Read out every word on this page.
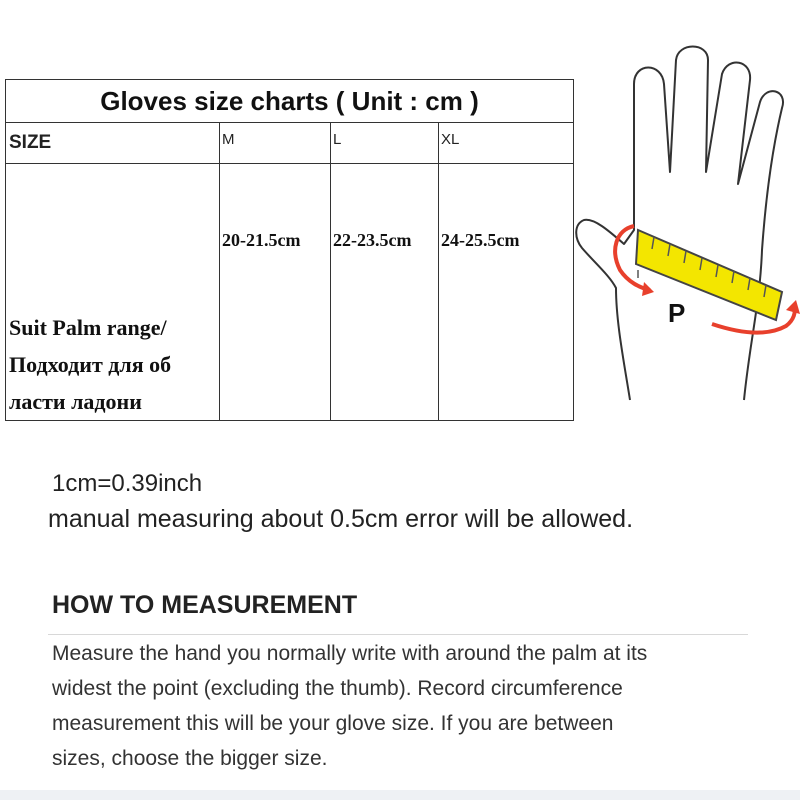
Gloves size charts ( Unit : cm )			
SIZE	M	L	XL

Suit Palm range/
Подходит для об
ласти ладони	20-21.5cm	22-23.5cm	24-25.5cm
P
1cm=0.39inch
manual measuring about 0.5cm error will be allowed.
HOW TO MEASUREMENT
Measure the hand you normally write with around the palm at its
widest the point (excluding the thumb). Record circumference
measurement this will be your glove size. If you are between
sizes, choose the bigger size.
